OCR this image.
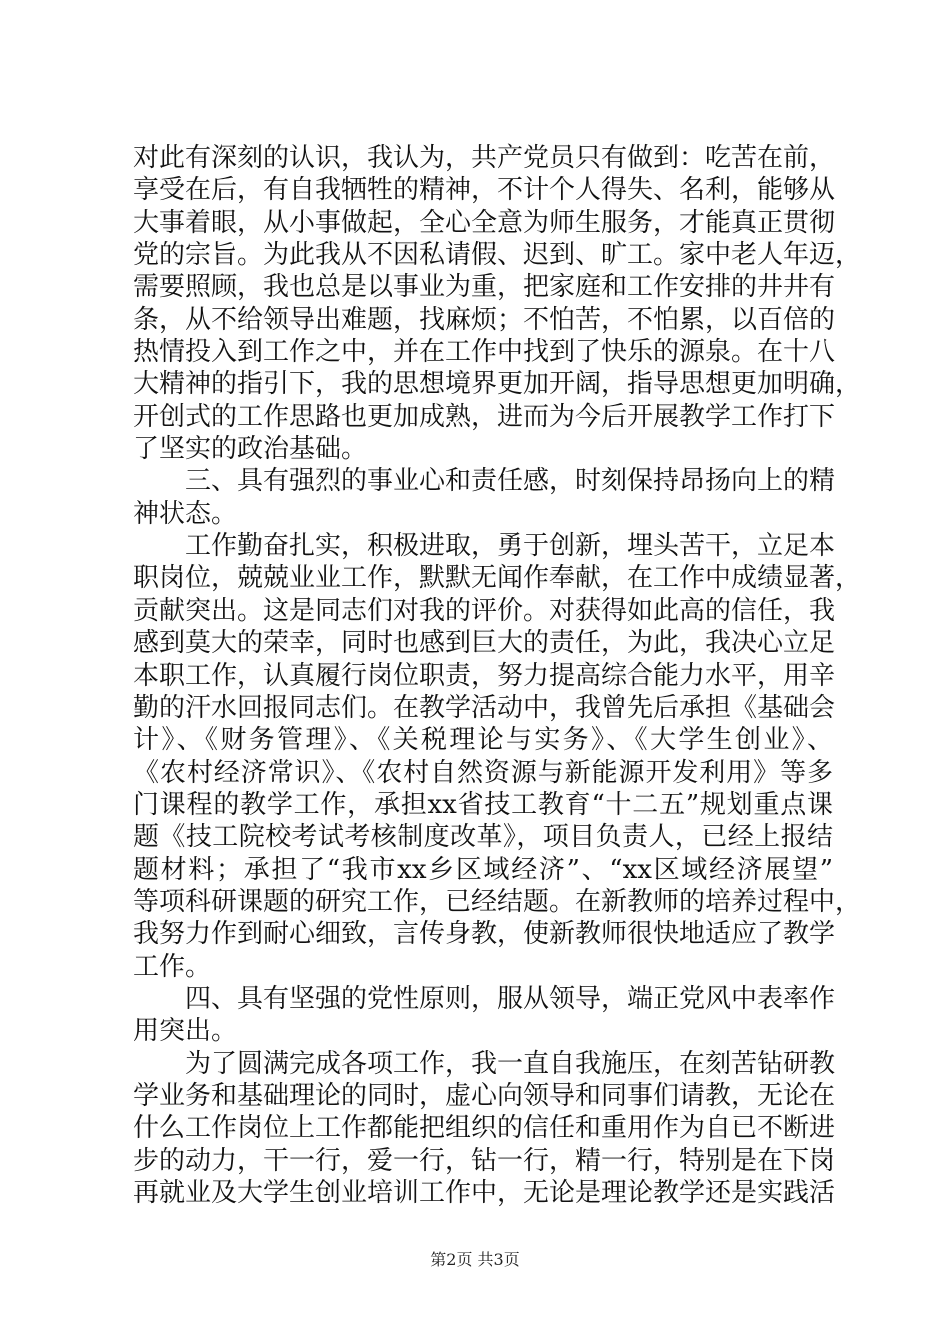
对此有深刻的认识，我认为，共产党员只有做到：吃苦在前，
享受在后，有自我牺牲的精神，不计个人得失、名利，能够从
大事着眼，从小事做起，全心全意为师生服务，才能真正贯彻
党的宗旨。为此我从不因私请假、迟到、旷工。家中老人年迈，
需要照顾，我也总是以事业为重，把家庭和工作安排的井井有
条，从不给领导出难题，找麻烦；不怕苦，不怕累，以百倍的
热情投入到工作之中，并在工作中找到了快乐的源泉。在十八
大精神的指引下，我的思想境界更加开阔，指导思想更加明确，
开创式的工作思路也更加成熟，进而为今后开展教学工作打下
了坚实的政治基础。
三、具有强烈的事业心和责任感，时刻保持昂扬向上的精
神状态。
工作勤奋扎实，积极进取，勇于创新，埋头苦干，立足本
职岗位，兢兢业业工作，默默无闻作奉献，在工作中成绩显著，
贡献突出。这是同志们对我的评价。对获得如此高的信任，我
感到莫大的荣幸，同时也感到巨大的责任，为此，我决心立足
本职工作，认真履行岗位职责，努力提高综合能力水平，用辛
勤的汗水回报同志们。在教学活动中，我曾先后承担《基础会
计》、《财务管理》、《关税理论与实务》、《大学生创业》、
《农村经济常识》、《农村自然资源与新能源开发利用》等多
门课程的教学工作，承担xx省技工教育“十二五”规划重点课
题《技工院校考试考核制度改革》，项目负责人，已经上报结
题材料；承担了“我市xx乡区域经济”、“xx区域经济展望”
等项科研课题的研究工作，已经结题。在新教师的培养过程中，
我努力作到耐心细致，言传身教，使新教师很快地适应了教学
工作。
四、具有坚强的党性原则，服从领导，端正党风中表率作
用突出。
为了圆满完成各项工作，我一直自我施压，在刻苦钻研教
学业务和基础理论的同时，虚心向领导和同事们请教，无论在
什么工作岗位上工作都能把组织的信任和重用作为自已不断进
步的动力，干一行，爱一行，钻一行，精一行，特别是在下岗
再就业及大学生创业培训工作中，无论是理论教学还是实践活
第2页 共3页
